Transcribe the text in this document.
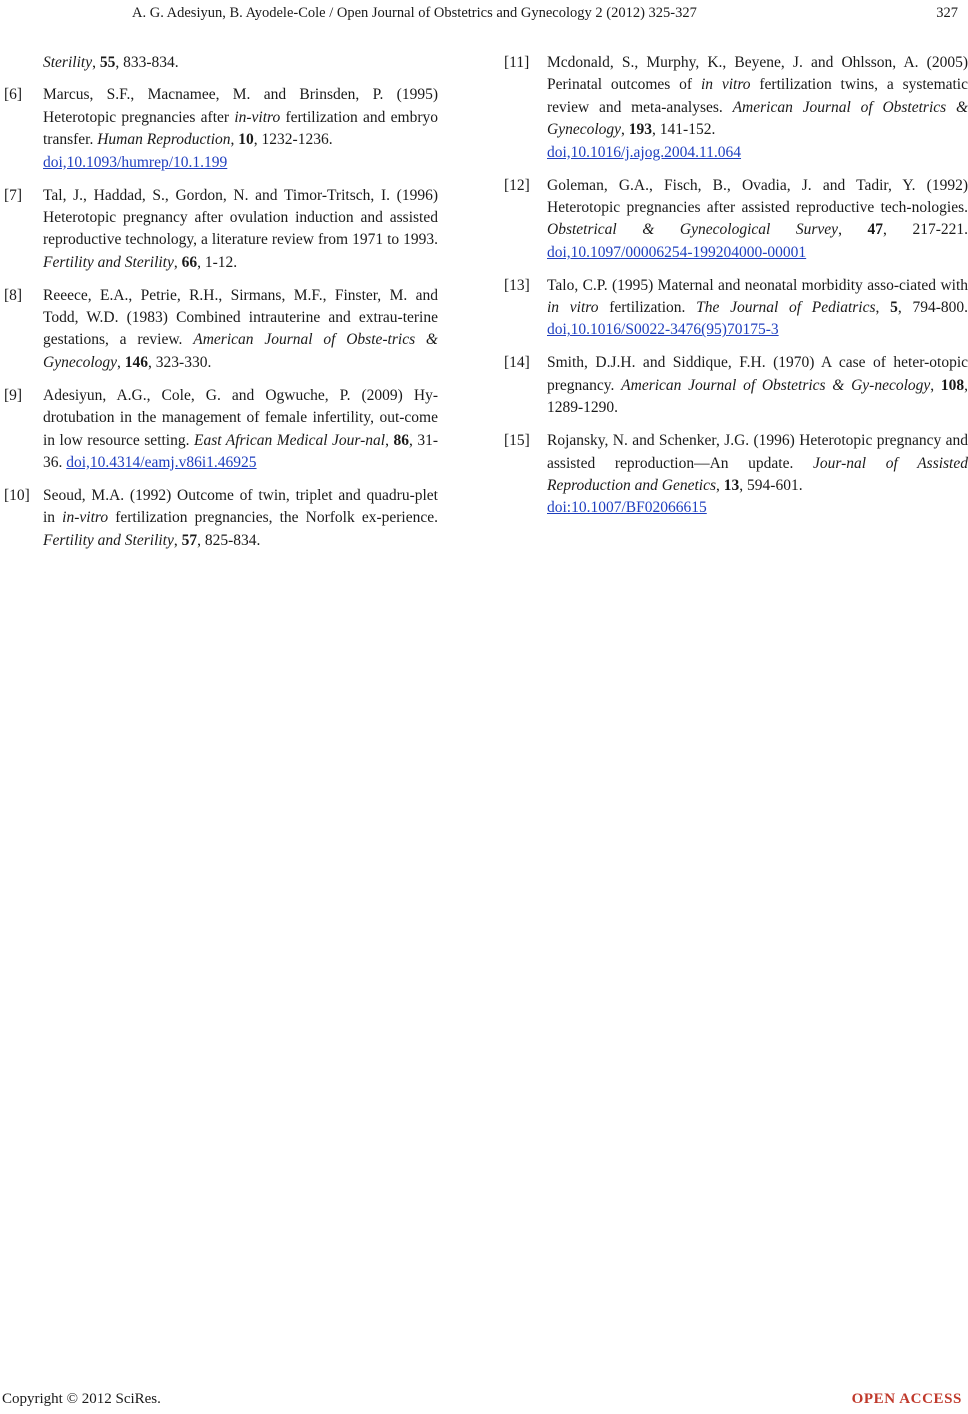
A. G. Adesiyun, B. Ayodele-Cole / Open Journal of Obstetrics and Gynecology 2 (2012) 325-327	327
Sterility, 55, 833-834.
[6] Marcus, S.F., Macnamee, M. and Brinsden, P. (1995) Heterotopic pregnancies after in-vitro fertilization and embryo transfer. Human Reproduction, 10, 1232-1236.
doi,10.1093/humrep/10.1.199
[7] Tal, J., Haddad, S., Gordon, N. and Timor-Tritsch, I. (1996) Heterotopic pregnancy after ovulation induction and assisted reproductive technology, a literature review from 1971 to 1993. Fertility and Sterility, 66, 1-12.
[8] Reeece, E.A., Petrie, R.H., Sirmans, M.F., Finster, M. and Todd, W.D. (1983) Combined intrauterine and extrau-terine gestations, a review. American Journal of Obste-trics & Gynecology, 146, 323-330.
[9] Adesiyun, A.G., Cole, G. and Ogwuche, P. (2009) Hy-drotubation in the management of female infertility, out-come in low resource setting. East African Medical Jour-nal, 86, 31-36. doi,10.4314/eamj.v86i1.46925
[10] Seoud, M.A. (1992) Outcome of twin, triplet and quadru-plet in in-vitro fertilization pregnancies, the Norfolk ex-perience. Fertility and Sterility, 57, 825-834.
[11] Mcdonald, S., Murphy, K., Beyene, J. and Ohlsson, A. (2005) Perinatal outcomes of in vitro fertilization twins, a systematic review and meta-analyses. American Journal of Obstetrics & Gynecology, 193, 141-152.
doi,10.1016/j.ajog.2004.11.064
[12] Goleman, G.A., Fisch, B., Ovadia, J. and Tadir, Y. (1992) Heterotopic pregnancies after assisted reproductive tech-nologies. Obstetrical & Gynecological Survey, 47, 217-221. doi,10.1097/00006254-199204000-00001
[13] Talo, C.P. (1995) Maternal and neonatal morbidity asso-ciated with in vitro fertilization. The Journal of Pediatrics, 5, 794-800. doi,10.1016/S0022-3476(95)70175-3
[14] Smith, D.J.H. and Siddique, F.H. (1970) A case of heter-otopic pregnancy. American Journal of Obstetrics & Gy-necology, 108, 1289-1290.
[15] Rojansky, N. and Schenker, J.G. (1996) Heterotopic pregnancy and assisted reproduction—An update. Jour-nal of Assisted Reproduction and Genetics, 13, 594-601.
doi:10.1007/BF02066615
Copyright © 2012 SciRes.	OPEN ACCESS
